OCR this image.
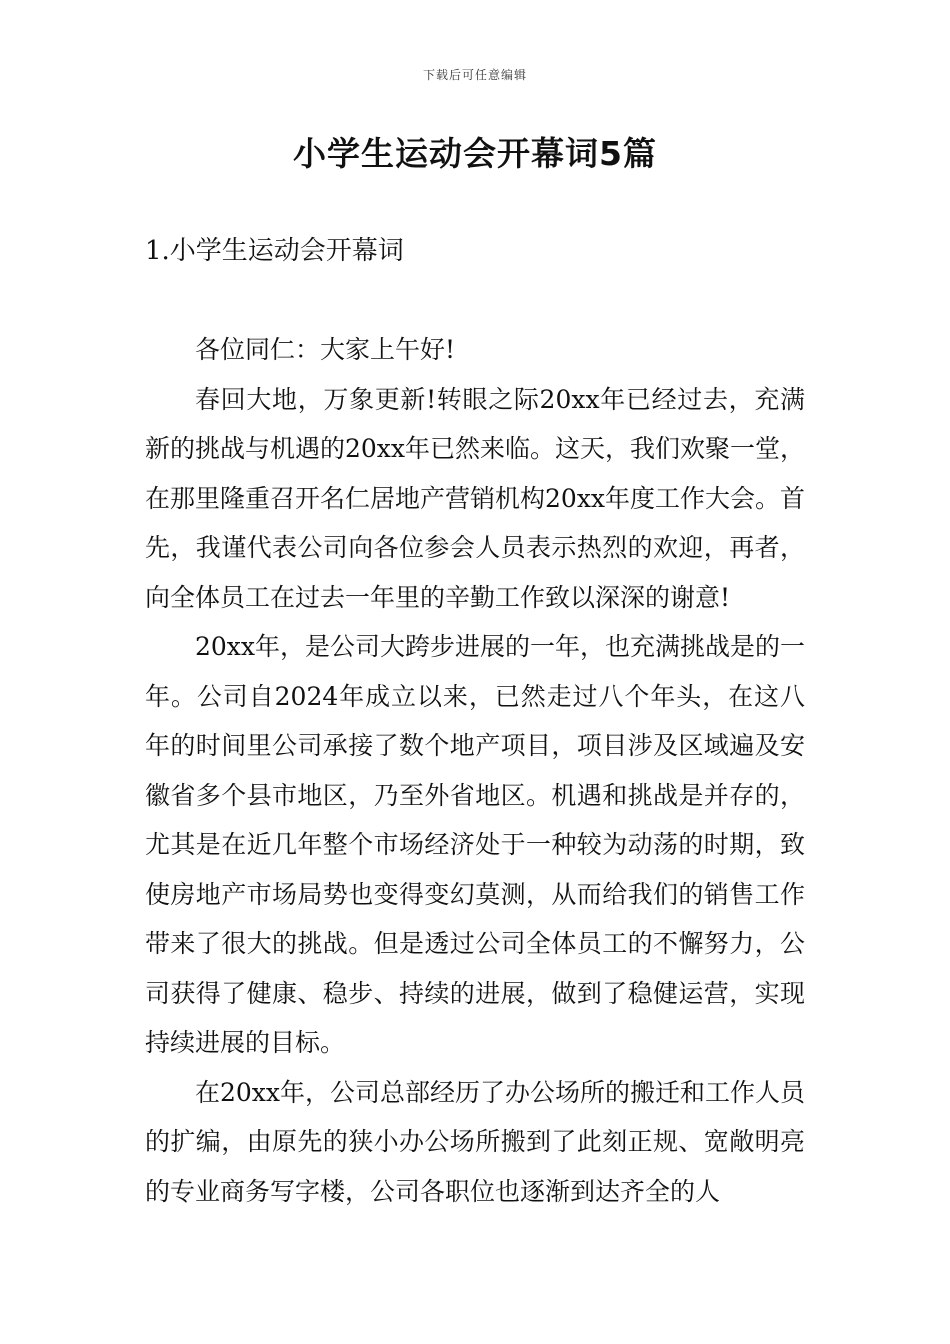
下载后可任意编辑
小学生运动会开幕词5篇
1.小学生运动会开幕词

各位同仁：大家上午好!

春回大地，万象更新!转眼之际20xx年已经过去，充满新的挑战与机遇的20xx年已然来临。这天，我们欢聚一堂，在那里隆重召开名仁居地产营销机构20xx年度工作大会。首先，我谨代表公司向各位参会人员表示热烈的欢迎，再者，向全体员工在过去一年里的辛勤工作致以深深的谢意!

20xx年，是公司大跨步进展的一年，也充满挑战是的一年。公司自2024年成立以来，已然走过八个年头，在这八年的时间里公司承接了数个地产项目，项目涉及区域遍及安徽省多个县市地区，乃至外省地区。机遇和挑战是并存的，尤其是在近几年整个市场经济处于一种较为动荡的时期，致使房地产市场局势也变得变幻莫测，从而给我们的销售工作带来了很大的挑战。但是透过公司全体员工的不懈努力，公司获得了健康、稳步、持续的进展，做到了稳健运营，实现持续进展的目标。

在20xx年，公司总部经历了办公场所的搬迁和工作人员的扩编，由原先的狭小办公场所搬到了此刻正规、宽敞明亮的专业商务写字楼，公司各职位也逐渐到达齐全的人
